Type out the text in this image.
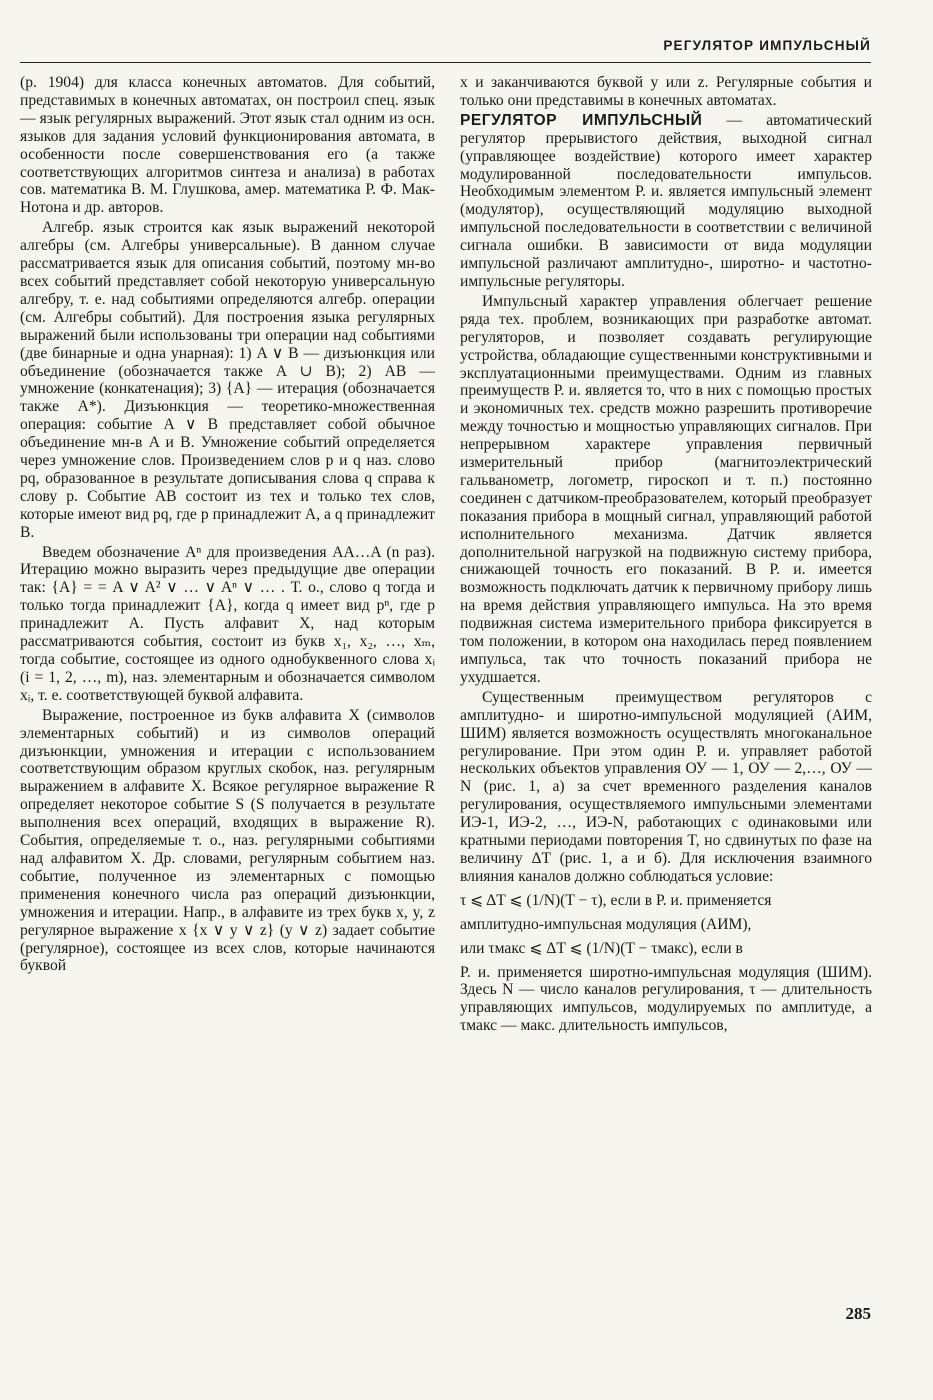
РЕГУЛЯТОР ИМПУЛЬСНЫЙ

(р. 1904) для класса конечных автоматов. Для событий, представимых в конечных автоматах, он построил спец. язык — язык регулярных выражений. Этот язык стал одним из осн. языков для задания условий функционирования автомата, в особенности после совершенствования его (а также соответствующих алгоритмов синтеза и анализа) в работах сов. математика В. М. Глушкова, амер. математика Р. Ф. Мак-Нотона и др. авторов.

Алгебр. язык строится как язык выражений некоторой алгебры (см. Алгебры универсальные). В данном случае рассматривается язык для описания событий, поэтому мн-во всех событий представляет собой некоторую универсальную алгебру, т. е. над событиями определяются алгебр. операции (см. Алгебры событий). Для построения языка регулярных выражений были использованы три операции над событиями (две бинарные и одна унарная): 1) A ∨ B — дизъюнкция или объединение (обозначается также A ∪ B); 2) AB — умножение (конкатенация); 3) {A} — итерация (обозначается также A*). Дизъюнкция — теоретико-множественная операция: событие A ∨ B представляет собой обычное объединение мн-в A и B. Умножение событий определяется через умножение слов. Произведением слов p и q наз. слово pq, образованное в результате дописывания слова q справа к слову p. Событие AB состоит из тех и только тех слов, которые имеют вид pq, где p принадлежит A, а q принадлежит B.

Введем обозначение Aⁿ для произведения AA…A (n раз). Итерацию можно выразить через предыдущие две операции так: {A} = = A ∨ A² ∨ … ∨ Aⁿ ∨ … . Т. о., слово q тогда и только тогда принадлежит {A}, когда q имеет вид pⁿ, где p принадлежит A. Пусть алфавит X, над которым рассматриваются события, состоит из букв x₁, x₂, …, xₘ, тогда событие, состоящее из одного однобуквенного слова xᵢ (i = 1, 2, …, m), наз. элементарным и обозначается символом xᵢ, т. е. соответствующей буквой алфавита.

Выражение, построенное из букв алфавита X (символов элементарных событий) и из символов операций дизъюнкции, умножения и итерации с использованием соответствующим образом круглых скобок, наз. регулярным выражением в алфавите X. Всякое регулярное выражение R определяет некоторое событие S (S получается в результате выполнения всех операций, входящих в выражение R). События, определяемые т. о., наз. регулярными событиями над алфавитом X. Др. словами, регулярным событием наз. событие, полученное из элементарных с помощью применения конечного числа раз операций дизъюнкции, умножения и итерации. Напр., в алфавите из трех букв x, y, z регулярное выражение x {x ∨ y ∨ z} (y ∨ z) задает событие (регулярное), состоящее из всех слов, которые начинаются буквой

x и заканчиваются буквой y или z. Регулярные события и только они представимы в конечных автоматах.

РЕГУЛЯТОР ИМПУЛЬСНЫЙ — автоматический регулятор прерывистого действия, выходной сигнал (управляющее воздействие) которого имеет характер модулированной последовательности импульсов. Необходимым элементом Р. и. является импульсный элемент (модулятор), осуществляющий модуляцию выходной импульсной последовательности в соответствии с величиной сигнала ошибки. В зависимости от вида модуляции импульсной различают амплитудно-, широтно- и частотно-импульсные регуляторы.

Импульсный характер управления облегчает решение ряда тех. проблем, возникающих при разработке автомат. регуляторов, и позволяет создавать регулирующие устройства, обладающие существенными конструктивными и эксплуатационными преимуществами. Одним из главных преимуществ Р. и. является то, что в них с помощью простых и экономичных тех. средств можно разрешить противоречие между точностью и мощностью управляющих сигналов. При непрерывном характере управления первичный измерительный прибор (магнитоэлектрический гальванометр, логометр, гироскоп и т. п.) постоянно соединен с датчиком-преобразователем, который преобразует показания прибора в мощный сигнал, управляющий работой исполнительного механизма. Датчик является дополнительной нагрузкой на подвижную систему прибора, снижающей точность его показаний. В Р. и. имеется возможность подключать датчик к первичному прибору лишь на время действия управляющего импульса. На это время подвижная система измерительного прибора фиксируется в том положении, в котором она находилась перед появлением импульса, так что точность показаний прибора не ухудшается.

Существенным преимуществом регуляторов с амплитудно- и широтно-импульсной модуляцией (АИМ, ШИМ) является возможность осуществлять многоканальное регулирование. При этом один Р. и. управляет работой нескольких объектов управления ОУ — 1, ОУ — 2,…, ОУ — N (рис. 1, а) за счет временного разделения каналов регулирования, осуществляемого импульсными элементами ИЭ-1, ИЭ-2, …, ИЭ-N, работающих с одинаковыми или кратными периодами повторения T, но сдвинутых по фазе на величину ΔT (рис. 1, а и б). Для исключения взаимного влияния каналов должно соблюдаться условие:

τ ⩽ ΔT ⩽ (1/N)(T − τ), если в Р. и. применяется

амплитудно-импульсная модуляция (АИМ),

или τмакс ⩽ ΔT ⩽ (1/N)(T − τмакс), если в

Р. и. применяется широтно-импульсная модуляция (ШИМ). Здесь N — число каналов регулирования, τ — длительность управляющих импульсов, модулируемых по амплитуде, а τмакс — макс. длительность импульсов,

285
